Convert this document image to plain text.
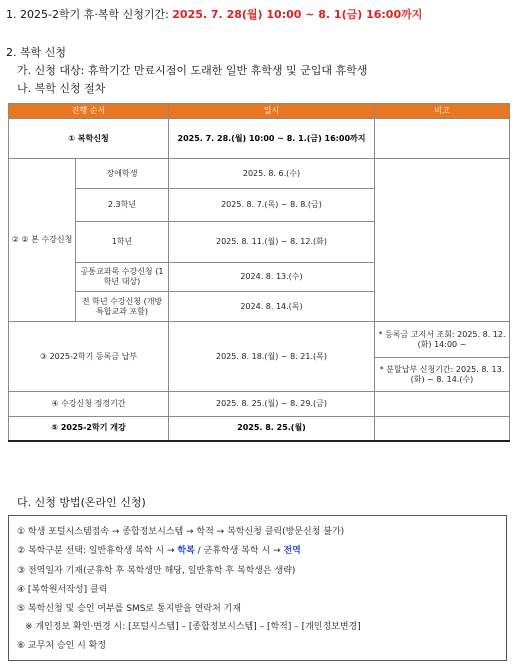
1. 2025-2학기 휴·복학 신청기간: 2025. 7. 28(월) 10:00 ~ 8. 1(금) 16:00까지
2. 복학 신청
가. 신청 대상: 휴학기간 만료시점이 도래한 일반 휴학생 및 군입대 휴학생
나. 복학 신청 절차
진행 순서		일시	비고
① 복학신청		2025. 7. 28.(월) 10:00 ~ 8. 1.(금) 16:00까지	
② ② 본 수강신청	장애학생	2025. 8. 6.(수)	
	2.3학년	2025. 8. 7.(목) ~ 8. 8.(금)	
	1학년	2025. 8. 11.(월) ~ 8. 12.(화)	
	공통교과목 수강신청 (1학년 대상)	2024. 8. 13.(수)	
	전 학년 수강신청 (개방특합교과 포함)	2024. 8. 14.(목)	
③ 2025-2학기 등록금 납부		2025. 8. 18.(월) ~ 8. 21.(목)	* 등록금 고지서 조회: 2025. 8. 12.(화) 14:00 ~
			* 분할납부 신청기간: 2025. 8. 13.(화) ~ 8. 14.(수)
④ 수강신청 정정기간		2025. 8. 25.(월) ~ 8. 29.(금)	
⑤ 2025-2학기 개강		2025. 8. 25.(월)	
다. 신청 방법(온라인 신청)
① 학생 포털시스템접속 → 종합정보시스템 → 학적 → 복학신청 클릭(방문신청 불가)
② 복학구분 선택: 일반휴학생 복학 시 → 학복 / 군휴학생 복학 시 → 전역
③ 전역일자 기재(군휴학 후 복학생만 해당, 일반휴학 후 복학생은 생략)
④ [복학원서작성] 클릭
⑤ 복학신청 및 승인 여부를 SMS로 통지받을 연락처 기재
※ 개인정보 확인·변경 시: [포털시스템] – [종합정보시스템] – [학적] – [개인정보변경]
⑥ 교무처 승인 시 확정
